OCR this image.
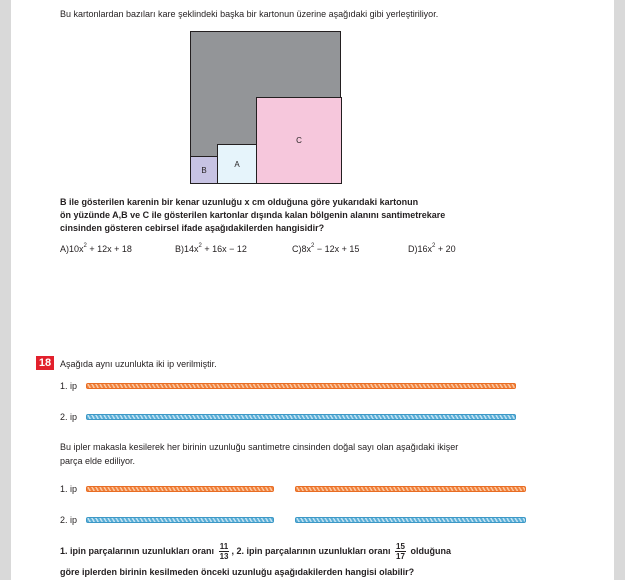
Bu kartonlardan bazıları kare şeklindeki başka bir kartonun üzerine aşağıdaki gibi yerleştiriliyor.
C
A
B
B ile gösterilen karenin bir kenar uzunluğu x cm olduğuna göre yukarıdaki kartonun
ön yüzünde A,B ve C ile gösterilen kartonlar dışında kalan bölgenin alanını santimetrekare
cinsinden gösteren cebirsel ifade aşağıdakilerden hangisidir?
$A)10x^2 + 12x + 18$	$B)14x^2 + 16x - 12$	$C)8x^2 - 12x + 15$	$D)16x^2 + 20$
18 Aşağıda aynı uzunlukta iki ip verilmiştir.
1. ip
2. ip
Bu ipler makasla kesilerek her birinin uzunluğu santimetre cinsinden doğal sayı olan aşağıdaki ikişer
parça elde ediliyor.
1. ip
2. ip
1. ipin parçalarının uzunlukları oranı $\frac{11}{13}$ , 2. ipin parçalarının uzunlukları oranı $\frac{15}{17}$ olduğuna
göre iplerden birinin kesilmeden önceki uzunluğu aşağıdakilerden hangisi olabilir?
